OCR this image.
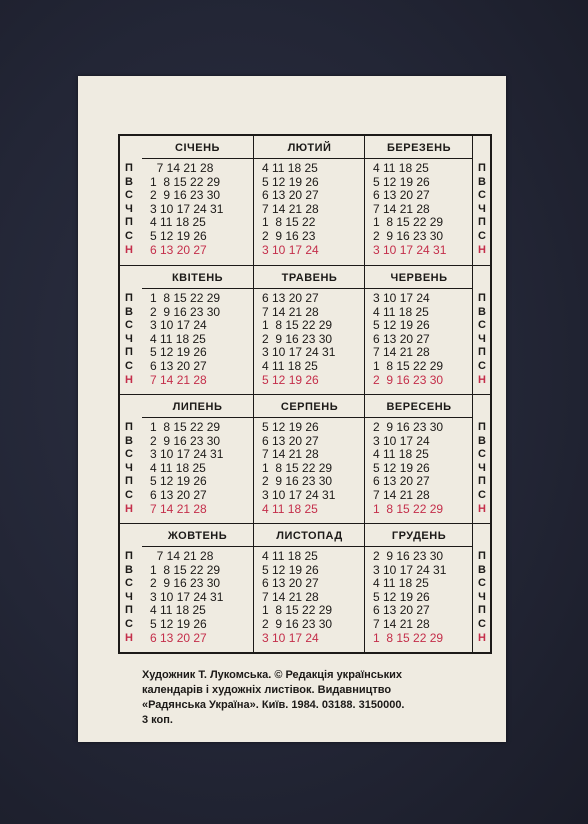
П
В
С
Ч
П
С
Н
П
В
С
Ч
П
С
Н
СІЧЕНЬ
7 14 21 28
1  8 15 22 29
2  9 16 23 30
3 10 17 24 31
4 11 18 25
5 12 19 26
6 13 20 27
ЛЮТИЙ
4 11 18 25
5 12 19 26
6 13 20 27
7 14 21 28
1  8 15 22
2  9 16 23
3 10 17 24
БЕРЕЗЕНЬ
4 11 18 25
5 12 19 26
6 13 20 27
7 14 21 28
1  8 15 22 29
2  9 16 23 30
3 10 17 24 31
П
В
С
Ч
П
С
Н
П
В
С
Ч
П
С
Н
КВІТЕНЬ
1  8 15 22 29
2  9 16 23 30
3 10 17 24
4 11 18 25
5 12 19 26
6 13 20 27
7 14 21 28
ТРАВЕНЬ
6 13 20 27
7 14 21 28
1  8 15 22 29
2  9 16 23 30
3 10 17 24 31
4 11 18 25
5 12 19 26
ЧЕРВЕНЬ
3 10 17 24
4 11 18 25
5 12 19 26
6 13 20 27
7 14 21 28
1  8 15 22 29
2  9 16 23 30
П
В
С
Ч
П
С
Н
П
В
С
Ч
П
С
Н
ЛИПЕНЬ
1  8 15 22 29
2  9 16 23 30
3 10 17 24 31
4 11 18 25
5 12 19 26
6 13 20 27
7 14 21 28
СЕРПЕНЬ
5 12 19 26
6 13 20 27
7 14 21 28
1  8 15 22 29
2  9 16 23 30
3 10 17 24 31
4 11 18 25
ВЕРЕСЕНЬ
2  9 16 23 30
3 10 17 24
4 11 18 25
5 12 19 26
6 13 20 27
7 14 21 28
1  8 15 22 29
П
В
С
Ч
П
С
Н
П
В
С
Ч
П
С
Н
ЖОВТЕНЬ
7 14 21 28
1  8 15 22 29
2  9 16 23 30
3 10 17 24 31
4 11 18 25
5 12 19 26
6 13 20 27
ЛИСТОПАД
4 11 18 25
5 12 19 26
6 13 20 27
7 14 21 28
1  8 15 22 29
2  9 16 23 30
3 10 17 24
ГРУДЕНЬ
2  9 16 23 30
3 10 17 24 31
4 11 18 25
5 12 19 26
6 13 20 27
7 14 21 28
1  8 15 22 29
Художник Т. Лукомська. © Редакція українських
календарів і художніх листівок. Видавництво
«Радянська Україна». Київ. 1984. 03188. 3150000.
3 коп.
